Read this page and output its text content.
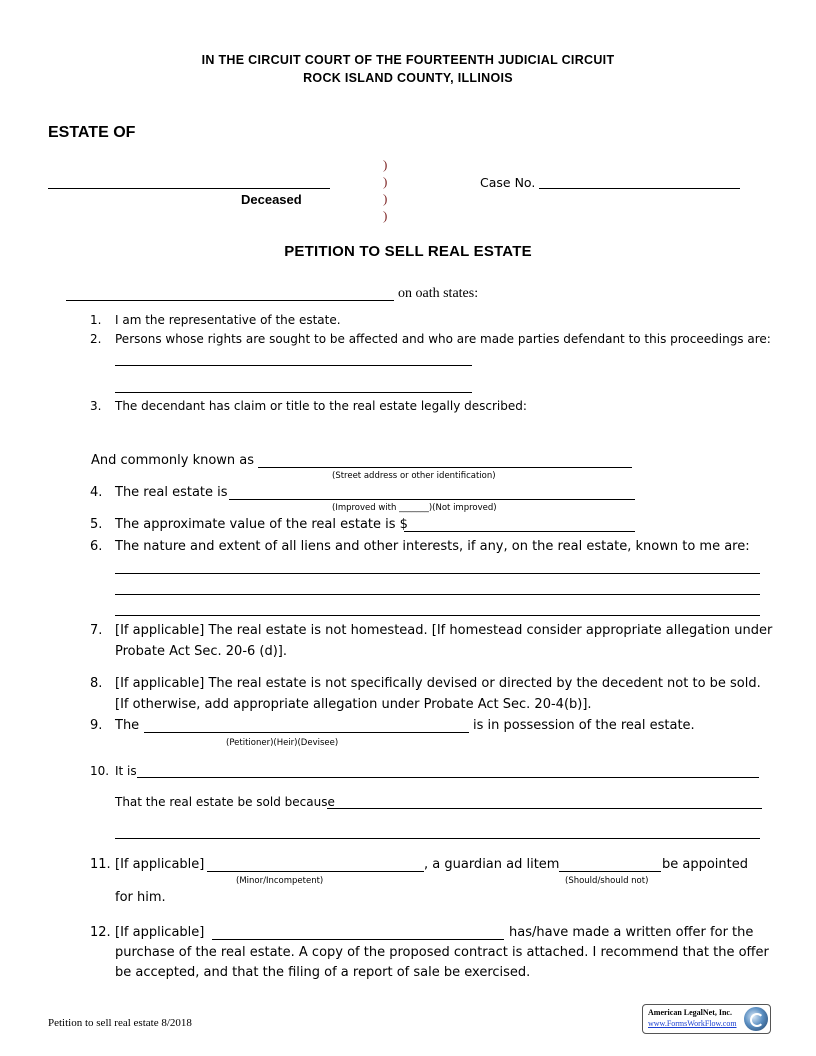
IN THE CIRCUIT COURT OF THE FOURTEENTH JUDICIAL CIRCUIT
ROCK ISLAND COUNTY, ILLINOIS
ESTATE OF
Deceased
)
)
)
)
Case No.
PETITION TO SELL REAL ESTATE
on oath states:
1. I am the representative of the estate.
2. Persons whose rights are sought to be affected and who are made parties defendant to this proceedings are:
3. The decendant has claim or title to the real estate legally described:
And commonly known as
(Street address or other identification)
4. The real estate is
(Improved with _______)(Not improved)
5. The approximate value of the real estate is $
6. The nature and extent of all liens and other interests, if any, on the real estate, known to me are:
7. [If applicable] The real estate is not homestead. [If homestead consider appropriate allegation under
Probate Act Sec. 20-6 (d)].
8. [If applicable] The real estate is not specifically devised or directed by the decedent not to be sold.
[If otherwise, add appropriate allegation under Probate Act Sec. 20-4(b)].
9. The	is in possession of the real estate.
(Petitioner)(Heir)(Devisee)
10. It is
That the real estate be sold because
11. [If applicable]	, a guardian ad litem	be appointed
(Minor/Incompetent)	(Should/should not)
for him.
12. [If applicable]	has/have made a written offer for the
purchase of the real estate. A copy of the proposed contract is attached. I recommend that the offer
be accepted, and that the filing of a report of sale be exercised.
Petition to sell real estate 8/2018
American LegalNet, Inc.
www.FormsWorkFlow.com
